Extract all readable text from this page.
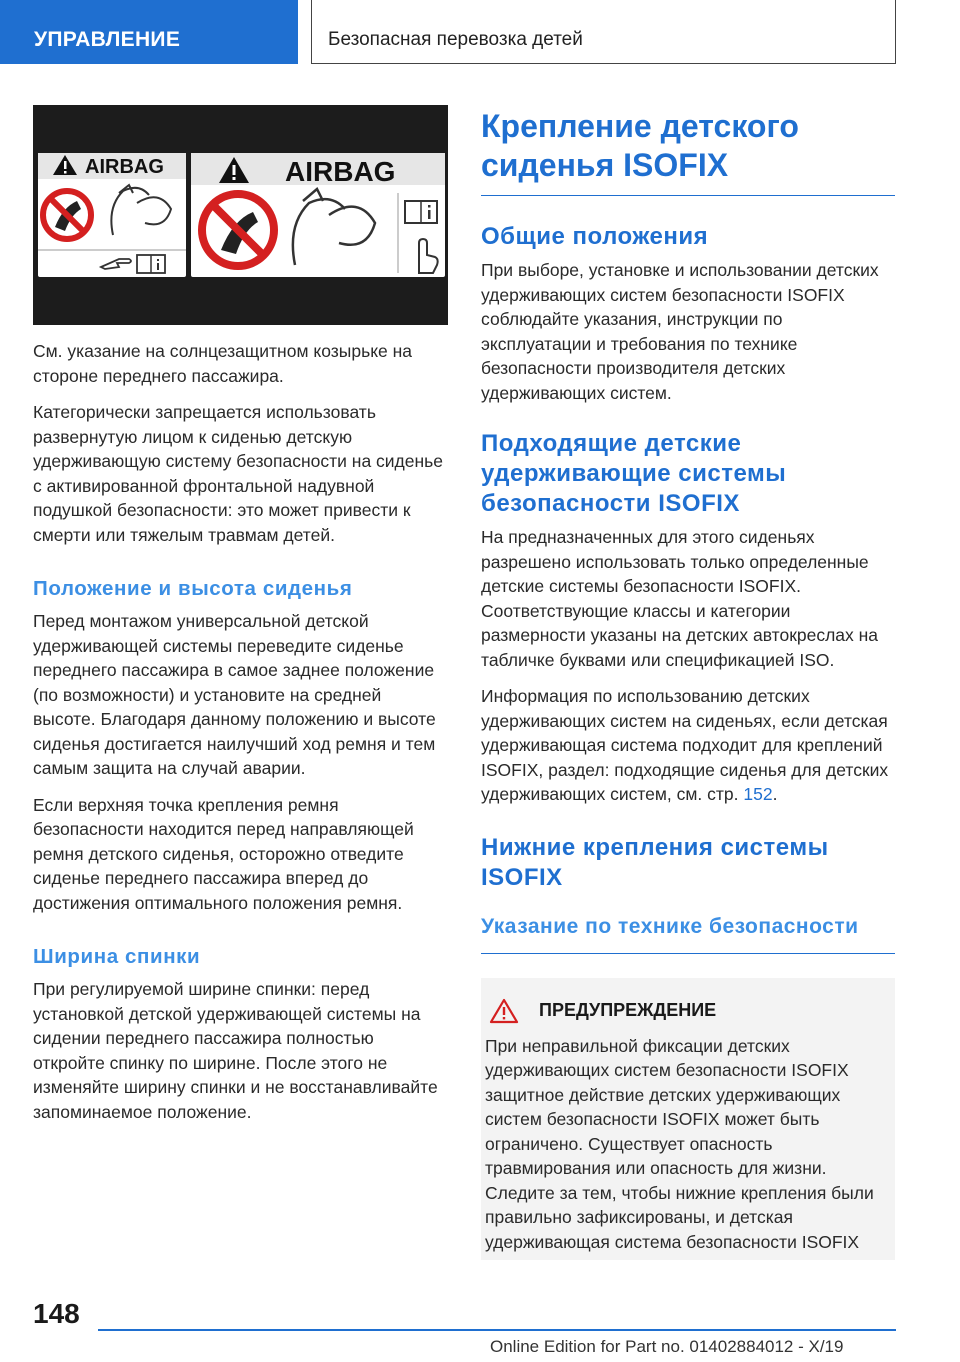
УПРАВЛЕНИЕ	Безопасная перевозка детей
AIRBAG	AIRBAG

См. указание на солнцезащитном козырьке на стороне переднего пассажира.

Категорически запрещается использовать развернутую лицом к сиденью детскую удерживающую систему безопасности на сиденье с активированной фронтальной надувной подушкой безопасности: это может привести к смерти или тяжелым травмам детей.

Положение и высота сиденья

Перед монтажом универсальной детской удерживающей системы переведите сиденье переднего пассажира в самое заднее положение (по возможности) и установите на средней высоте. Благодаря данному положению и высоте сиденья достигается наилучший ход ремня и тем самым защита на случай аварии.

Если верхняя точка крепления ремня безопасности находится перед направляющей ремня детского сиденья, осторожно отведите сиденье переднего пассажира вперед до достижения оптимального положения ремня.

Ширина спинки

При регулируемой ширине спинки: перед установкой детской удерживающей системы на сидении переднего пассажира полностью откройте спинку по ширине. После этого не изменяйте ширину спинки и не восстанавливайте запоминаемое положение.

Крепление детского сиденья ISOFIX
Общие положения

При выборе, установке и использовании детских удерживающих систем безопасности ISOFIX соблюдайте указания, инструкции по эксплуатации и требования по технике безопасности производителя детских удерживающих систем.

Подходящие детские удерживающие системы безопасности ISOFIX

На предназначенных для этого сиденьях разрешено использовать только определенные детские системы безопасности ISOFIX. Соответствующие классы и категории размерности указаны на детских автокреслах на табличке буквами или спецификацией ISO.

Информация по использованию детских удерживающих систем на сиденьях, если детская удерживающая система подходит для креплений ISOFIX, раздел: подходящие сиденья для детских удерживающих систем, см. стр. 152.

Нижние крепления системы ISOFIX
Указание по технике безопасности
ПРЕДУПРЕЖДЕНИЕ

При неправильной фиксации детских удерживающих систем безопасности ISOFIX защитное действие детских удерживающих систем безопасности ISOFIX может быть ограничено. Существует опасность травмирования или опасность для жизни. Следите за тем, чтобы нижние крепления были правильно зафиксированы, и детская удерживающая система безопасности ISOFIX

148
Online Edition for Part no. 01402884012 - X/19
